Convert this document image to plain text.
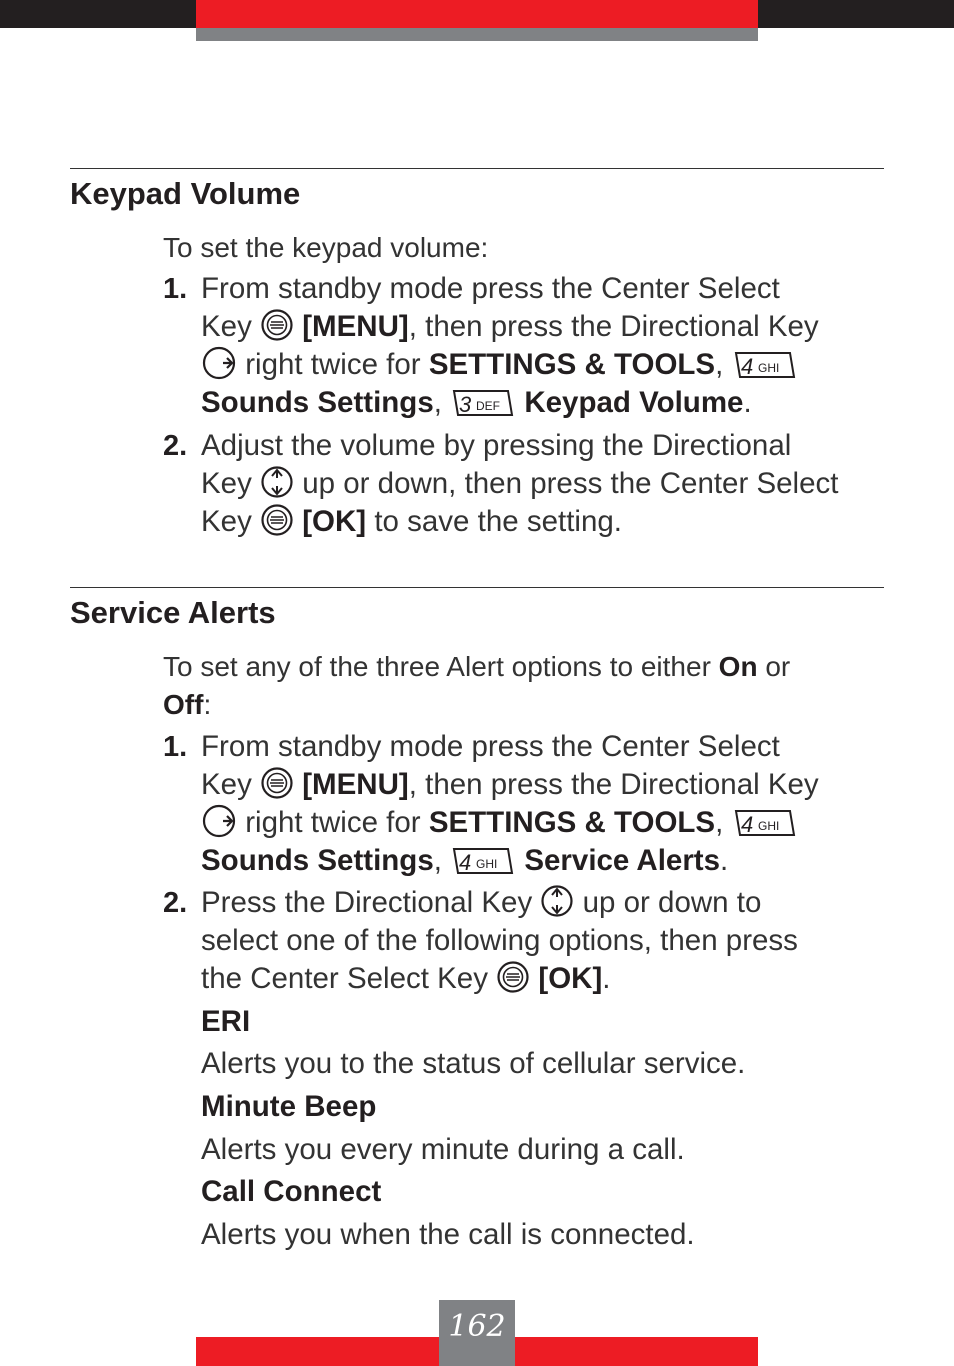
Keypad Volume
To set the keypad volume:
1. From standby mode press the Center Select
Key
[MENU], then press the Directional Key
right twice for SETTINGS & TOOLS, 4 GHI
Sounds Settings, 3 DEF Keypad Volume.
2. Adjust the volume by pressing the Directional
Key
up or down, then press the Center Select
Key
[OK] to save the setting.
Service Alerts
To set any of the three Alert options to either On or
Off:
1. From standby mode press the Center Select
Key
[MENU], then press the Directional Key
right twice for SETTINGS & TOOLS, 4 GHI
Sounds Settings, 4 GHI Service Alerts.
2. Press the Directional Key
up or down to
select one of the following options, then press
the Center Select Key
[OK].
ERI
Alerts you to the status of cellular service.
Minute Beep
Alerts you every minute during a call.
Call Connect
Alerts you when the call is connected.
162
